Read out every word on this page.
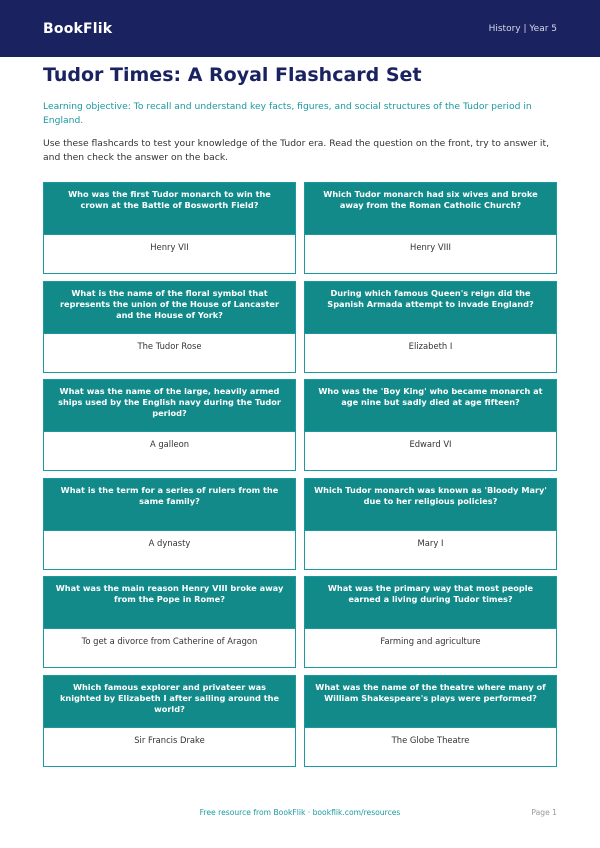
BookFlik	History | Year 5
Tudor Times: A Royal Flashcard Set
Learning objective: To recall and understand key facts, figures, and social structures of the Tudor period in England.
Use these flashcards to test your knowledge of the Tudor era. Read the question on the front, try to answer it, and then check the answer on the back.
Who was the first Tudor monarch to win the crown at the Battle of Bosworth Field?
Henry VII
Which Tudor monarch had six wives and broke away from the Roman Catholic Church?
Henry VIII
What is the name of the floral symbol that represents the union of the House of Lancaster and the House of York?
The Tudor Rose
During which famous Queen's reign did the Spanish Armada attempt to invade England?
Elizabeth I
What was the name of the large, heavily armed ships used by the English navy during the Tudor period?
A galleon
Who was the 'Boy King' who became monarch at age nine but sadly died at age fifteen?
Edward VI
What is the term for a series of rulers from the same family?
A dynasty
Which Tudor monarch was known as 'Bloody Mary' due to her religious policies?
Mary I
What was the main reason Henry VIII broke away from the Pope in Rome?
To get a divorce from Catherine of Aragon
What was the primary way that most people earned a living during Tudor times?
Farming and agriculture
Which famous explorer and privateer was knighted by Elizabeth I after sailing around the world?
Sir Francis Drake
What was the name of the theatre where many of William Shakespeare's plays were performed?
The Globe Theatre
Free resource from BookFlik · bookflik.com/resources	Page 1
